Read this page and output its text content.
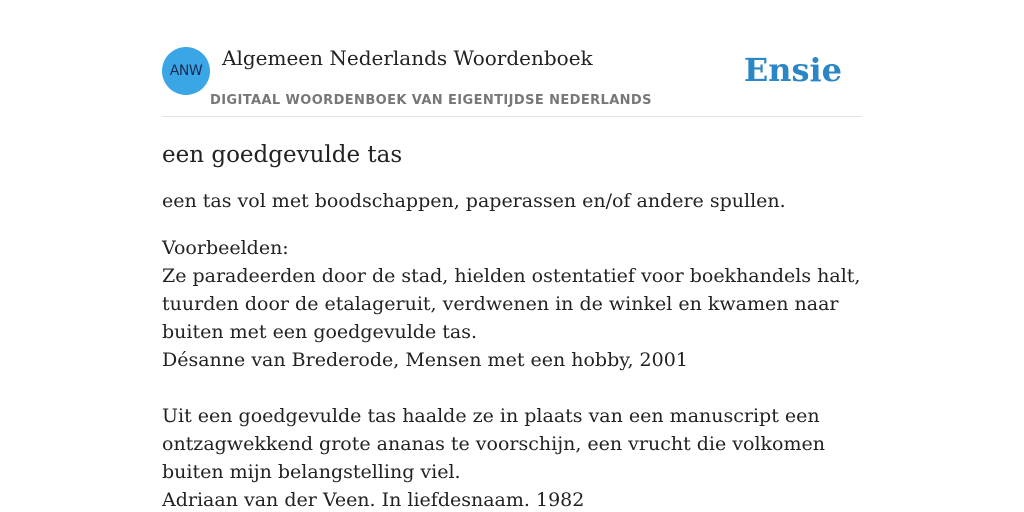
ANW
Algemeen Nederlands Woordenboek
DIGITAAL WOORDENBOEK VAN EIGENTIJDSE NEDERLANDS
Ensie
een goedgevulde tas

een tas vol met boodschappen, paperassen en/of andere spullen.

Voorbeelden:
Ze paradeerden door de stad, hielden ostentatief voor boekhandels halt, tuurden door de etalageruit, verdwenen in de winkel en kwamen naar buiten met een goedgevulde tas.
Désanne van Brederode, Mensen met een hobby, 2001
Uit een goedgevulde tas haalde ze in plaats van een manuscript een ontzagwekkend grote ananas te voorschijn, een vrucht die volkomen buiten mijn belangstelling viel.
Adriaan van der Veen. In liefdesnaam. 1982
